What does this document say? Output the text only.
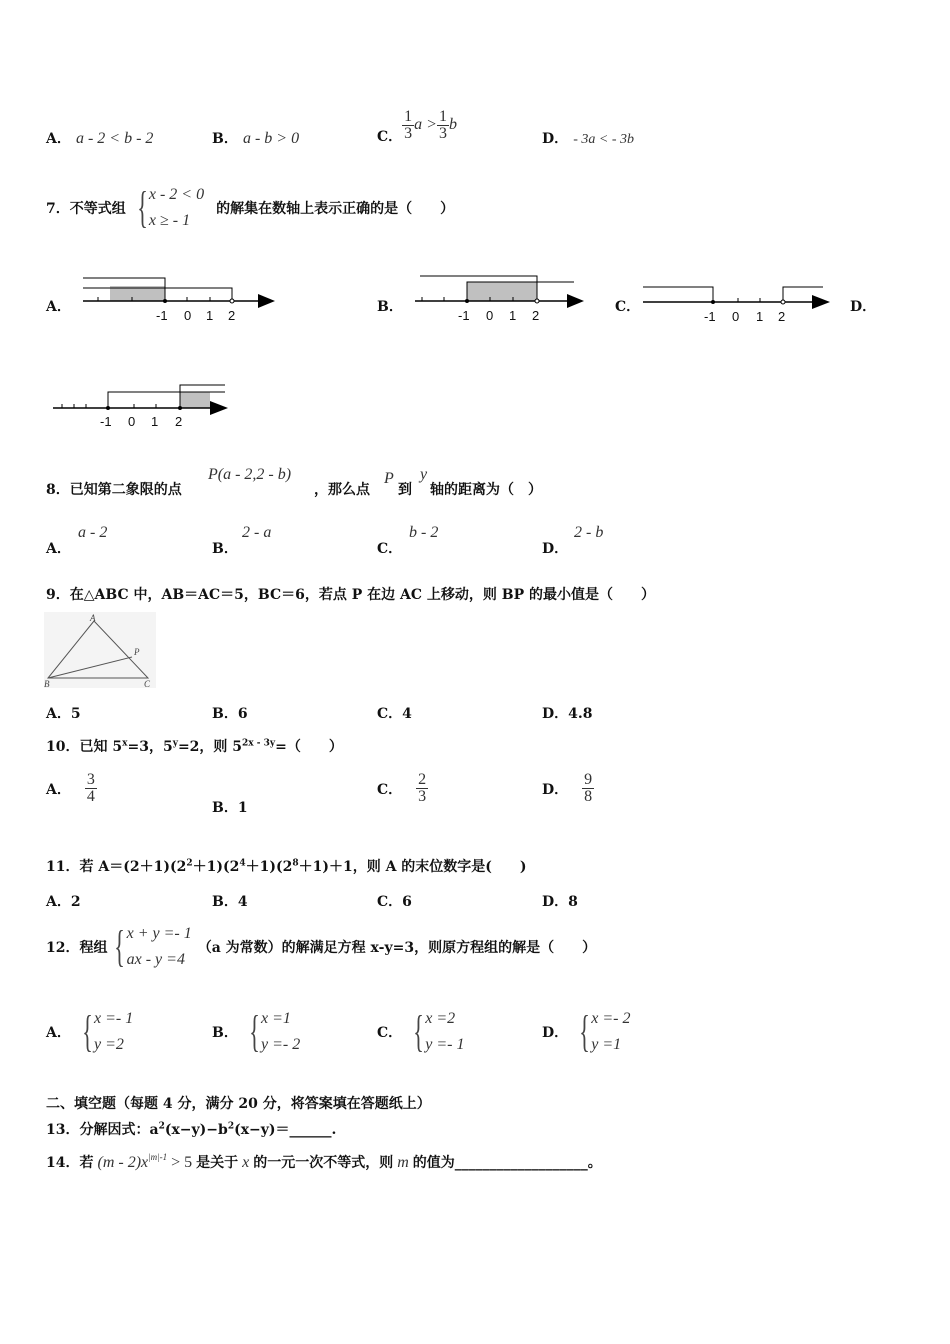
A． a - 2 < b - 2	B． a - b > 0	C． $\frac{1}{3}$ $a > \frac{1}{3}$ b
D． - 3a < - 3b
7．不等式组 { x - 2 < 0
x ≥ - 1
的解集在数轴上表示正确的是（　　）
A．
-1 0 1 2
B．
-1 0 1 2
C．
-1 0 1 2
D．
-1 0 1 2
8．已知第二象限的点
P(a - 2,2 - b)
，那么点
P
到
y
轴的距离为（　）
A．
a - 2
B．
2 - a
C．
b - 2
D．
2 - b
9．在△ABC 中，AB＝AC＝5，BC＝6，若点 P 在边 AC 上移动，则 BP 的最小值是（　　）
A
B	C
P
A．5	B．6	C．4	D．4.8
10．已知 $5^x=3$，$5^y=2$，则 $5^{2x - 3y}=$（　　）
A． $\frac{3}{4}$
B．1
C． $\frac{2}{3}$	D． $\frac{9}{8}$
11．若 $A=(2+1)(2^2+1)(2^4+1)(2^8+1)+1$，则 A 的末位数字是(　　)
A．2	B．4	C．6	D．8
12．程组 { x + y =- 1
ax - y =4
（a 为常数）的解满足方程 x-y=3，则原方程组的解是（　　）
A． { x =- 1
y =2
B． { x =1
y =- 2
C． { x =2
y =- 1
D． { x =- 2
y =1
二、填空题（每题 4 分，满分 20 分，将答案填在答题纸上）
13．分解因式：$a^2(x-y)-b^2(x-y)=\_\_\_\_\_\_$.
14．若 $(m - 2)x^{|m|-1} > 5$ 是关于 x 的一元一次不等式，则 m 的值为___________________。
